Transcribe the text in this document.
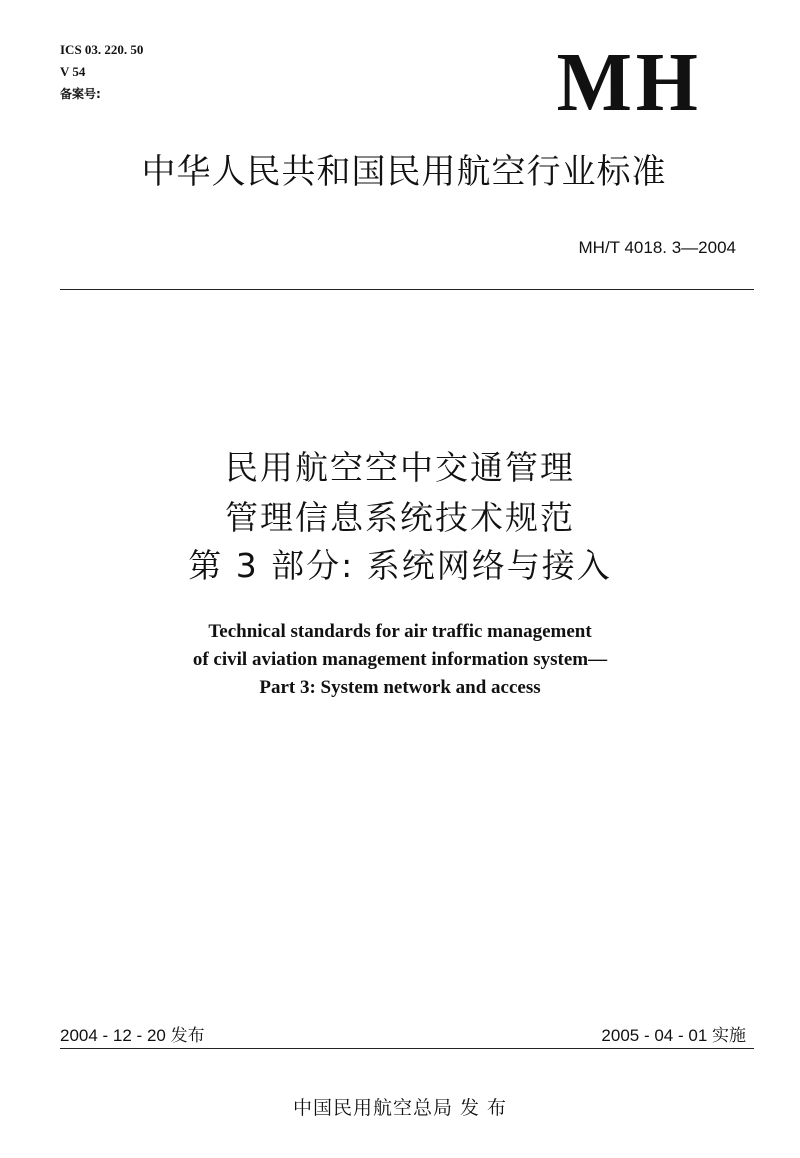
ICS 03. 220. 50
V 54
备案号:	MH
中华人民共和国民用航空行业标准
MH/T 4018. 3—2004
民用航空空中交通管理
管理信息系统技术规范
第 3 部分: 系统网络与接入
Technical standards for air traffic management
of civil aviation management information system—
Part 3: System network and access
2004 - 12 - 20 发布	2005 - 04 - 01 实施
中国民用航空总局 发 布
